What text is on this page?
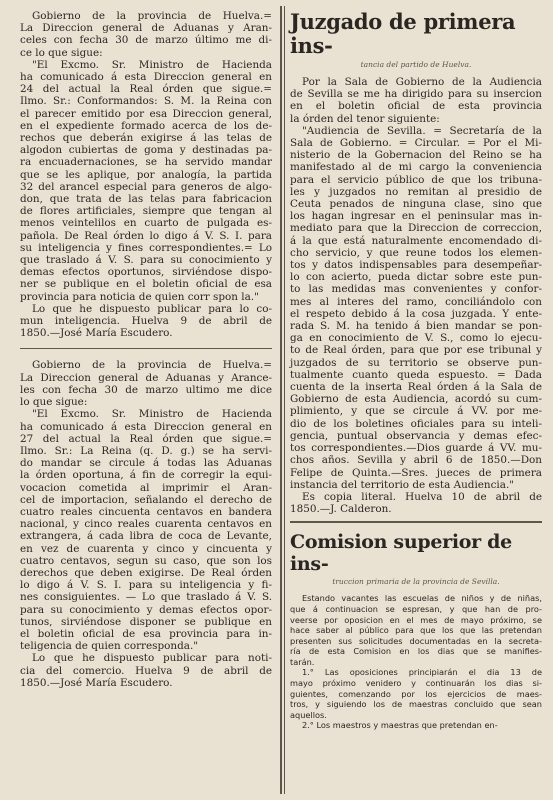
Gobierno de la provincia de Huelva.=
La Direccion general de Aduanas y Aran-
celes con fecha 30 de marzo último me di-
ce lo que sigue:
"El Excmo. Sr. Ministro de Hacienda
ha comunicado á esta Direccion general en
24 del actual la Real órden que sigue.=
Ilmo. Sr.: Conformandos: S. M. la Reina con
el parecer emitido por esa Direccion general,
en el expediente formado acerca de los de-
rechos que deberán exigirse á las telas de
algodon cubiertas de goma y destinadas pa-
ra encuadernaciones, se ha servido mandar
que se les aplique, por analogía, la partida
32 del arancel especial para generos de algo-
don, que trata de las telas para fabricacion
de flores artificiales, siempre que tengan al
menos veintelilos en cuarto de pulgada es-
pañola. De Real órden lo digo á V. S. I. para
su inteligencia y fines correspondientes.= Lo
que traslado á V. S. para su conocimiento y
demas efectos oportunos, sirviéndose dispo-
ner se publique en el boletin oficial de esa
provincia para noticia de quien corr spon la."
Lo que he dispuesto publicar para lo co-
mun inteligencia. Huelva 9 de abril de
1850.—José María Escudero.
Gobierno de la provincia de Huelva.=
La Direccion general de Aduanas y Arance-
les con fecha 30 de marzo ultimo me dice
lo que sigue:
"El Excmo. Sr. Ministro de Hacienda
ha comunicado á esta Direccion general en
27 del actual la Real órden que sigue.=
Ilmo. Sr.: La Reina (q. D. g.) se ha servi-
do mandar se circule á todas las Aduanas
la órden oportuna, á fin de corregir la equi-
vocacion cometida al imprimir el Aran-
cel de importacion, señalando el derecho de
cuatro reales cincuenta centavos en bandera
nacional, y cinco reales cuarenta centavos en
extrangera, á cada libra de coca de Levante,
en vez de cuarenta y cinco y cincuenta y
cuatro centavos, segun su caso, que son los
derechos que deben exigirse. De Real órden
lo digo á V. S. I. para su inteligencia y fi-
nes consiguientes. — Lo que traslado á V. S.
para su conocimiento y demas efectos opor-
tunos, sirviéndose disponer se publique en
el boletin oficial de esa provincia para in-
teligencia de quien corresponda."
Lo que he dispuesto publicar para noti-
cia del comercio. Huelva 9 de abril de
1850.—José María Escudero.
Juzgado de primera ins-
tancia del partido de Huelva.
Por la Sala de Gobierno de la Audiencia
de Sevilla se me ha dirigido para su insercion
en el boletin oficial de esta provincia
la órden del tenor siguiente:
"Audiencia de Sevilla. = Secretaría de la
Sala de Gobierno. = Circular. = Por el Mi-
nisterio de la Gobernacion del Reino se ha
manifestado al de mi cargo la conveniencia
para el servicio público de que los tribuna-
les y juzgados no remitan al presidio de
Ceuta penados de ninguna clase, sino que
los hagan ingresar en el peninsular mas in-
mediato para que la Direccion de correccion,
á la que está naturalmente encomendado di-
cho servicio, y que reune todos los elemen-
tos y datos indispensables para desempeñar-
lo con acierto, pueda dictar sobre este pun-
to las medidas mas convenientes y confor-
mes al interes del ramo, conciliándolo con
el respeto debido á la cosa juzgada. Y ente-
rada S. M. ha tenido á bien mandar se pon-
ga en conocimiento de V. S., como lo ejecu-
to de Real órden, para que por ese tribunal y
juzgados de su territorio se observe pun-
tualmente cuanto queda espuesto. = Dada
cuenta de la inserta Real órden á la Sala de
Gobierno de esta Audiencia, acordó su cum-
plimiento, y que se circule á VV. por me-
dio de los boletines oficiales para su inteli-
gencia, puntual observancia y demas efec-
tos correspondientes.—Dios guarde á VV. mu-
chos años. Sevilla y abril 6 de 1850.—Don
Felipe de Quinta.—Sres. jueces de primera
instancia del territorio de esta Audiencia."
Es copia literal. Huelva 10 de abril de
1850.—J. Calderon.
Comision superior de ins-
truccion primaria de la provincia de Sevilla.
Estando vacantes las escuelas de niños y de niñas,
que á continuacion se espresan, y que han de pro-
veerse por oposicion en el mes de mayo próximo, se
hace saber al público para que los que las pretendan
presenten sus solicitudes documentadas en la secreta-
ría de esta Comision en los dias que se manifies-
tarán.
1.° Las oposiciones principiarán el dia 13 de
mayo próximo venidero y continuarán los dias si-
guientes, comenzando por los ejercicios de maes-
tros, y siguiendo los de maestras concluido que sean
aquellos.
2.° Los maestros y maestras que pretendan en-
